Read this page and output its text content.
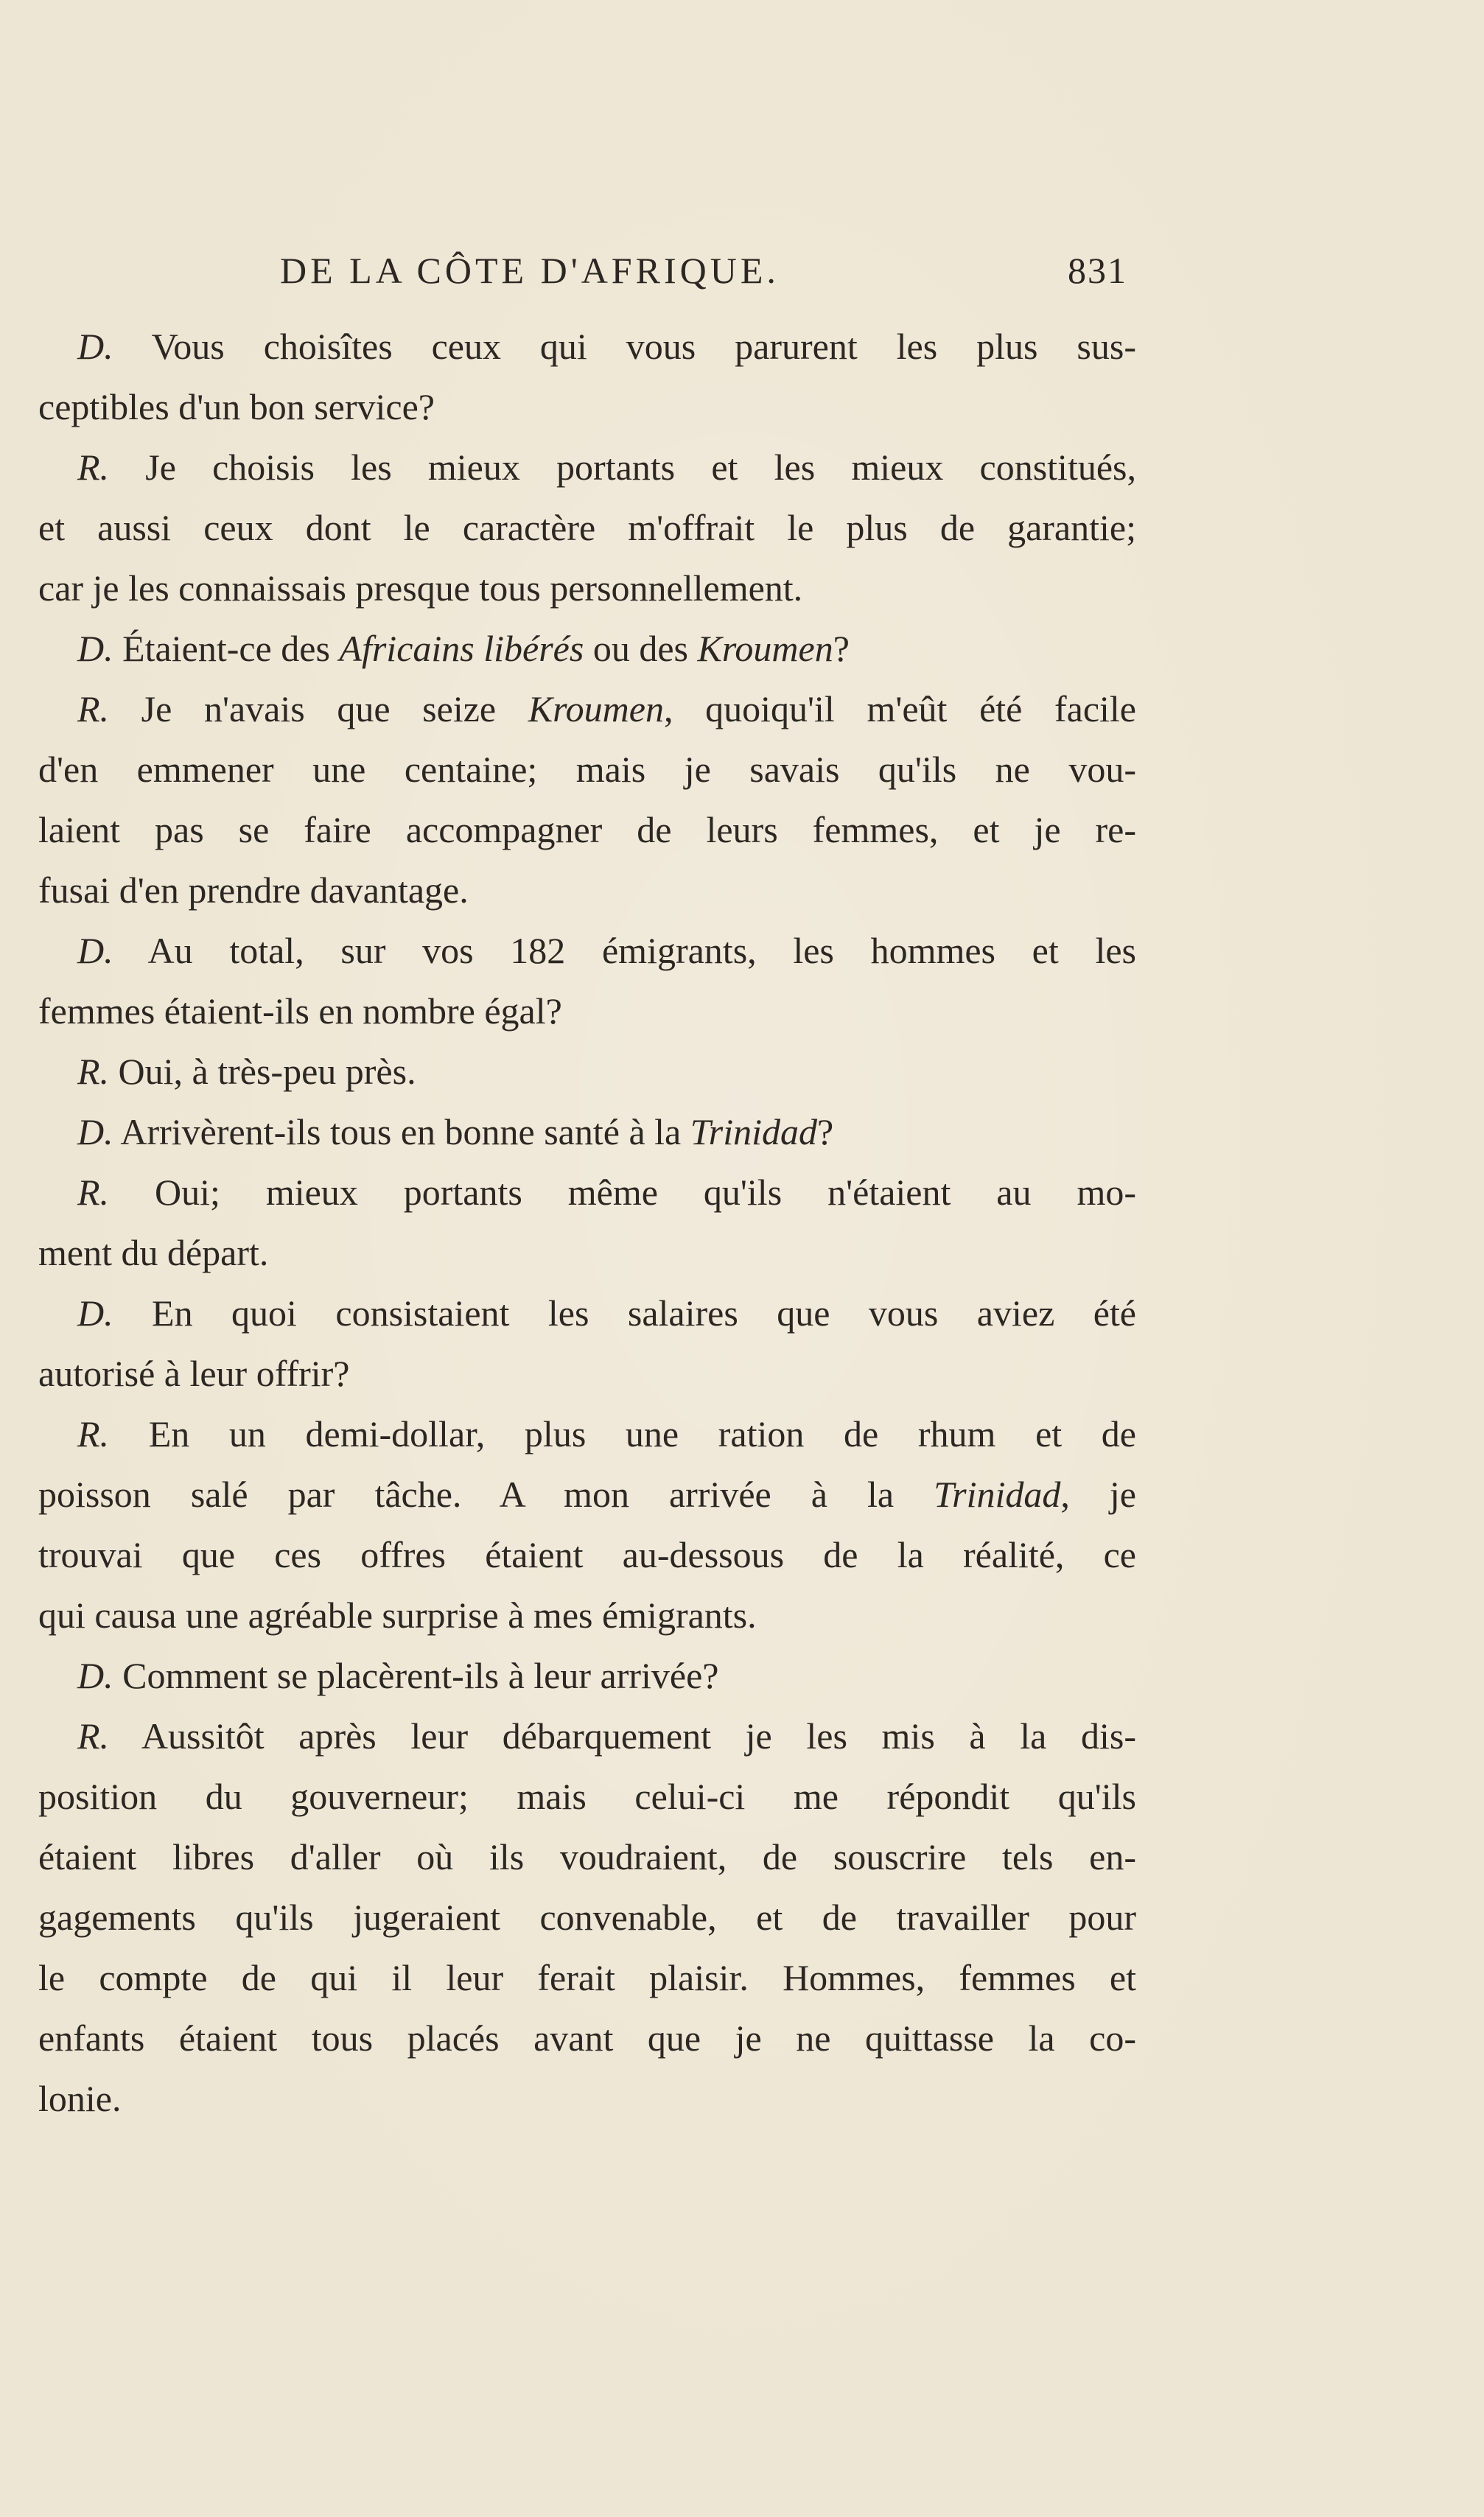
DE LA CÔTE D'AFRIQUE.	831
D. Vous choisîtes ceux qui vous parurent les plus sus-
ceptibles d'un bon service?
R. Je choisis les mieux portants et les mieux constitués,
et aussi ceux dont le caractère m'offrait le plus de garantie;
car je les connaissais presque tous personnellement.
D. Étaient-ce des Africains libérés ou des Kroumen?
R. Je n'avais que seize Kroumen, quoiqu'il m'eût été facile
d'en emmener une centaine; mais je savais qu'ils ne vou-
laient pas se faire accompagner de leurs femmes, et je re-
fusai d'en prendre davantage.
D. Au total, sur vos 182 émigrants, les hommes et les
femmes étaient-ils en nombre égal?
R. Oui, à très-peu près.
D. Arrivèrent-ils tous en bonne santé à la Trinidad?
R. Oui; mieux portants même qu'ils n'étaient au mo-
ment du départ.
D. En quoi consistaient les salaires que vous aviez été
autorisé à leur offrir?
R. En un demi-dollar, plus une ration de rhum et de
poisson salé par tâche. A mon arrivée à la Trinidad, je
trouvai que ces offres étaient au-dessous de la réalité, ce
qui causa une agréable surprise à mes émigrants.
D. Comment se placèrent-ils à leur arrivée?
R. Aussitôt après leur débarquement je les mis à la dis-
position du gouverneur; mais celui-ci me répondit qu'ils
étaient libres d'aller où ils voudraient, de souscrire tels en-
gagements qu'ils jugeraient convenable, et de travailler pour
le compte de qui il leur ferait plaisir. Hommes, femmes et
enfants étaient tous placés avant que je ne quittasse la co-
lonie.
